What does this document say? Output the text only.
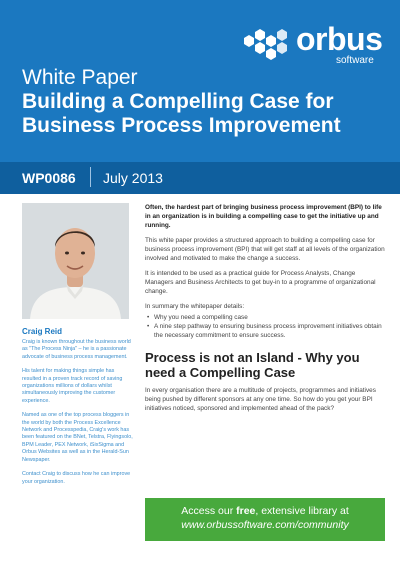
orbus
software
White Paper
Building a Compelling Case for Business Process Improvement
WP0086 July 2013
Craig Reid

Craig is known throughout the business world as "The Process Ninja" – he is a passionate advocate of business process management.

His talent for making things simple has resulted in a proven track record of saving organizations millions of dollars whilst simultaneously improving the customer experience.

Named as one of the top process bloggers in the world by both the Process Excellence Network and Processpedia, Craig's work has been featured on the BNet, Telstra, Flyingsolo, BPM Leader, PEX Network, iSixSigma and Orbus Websites as well as in the Herald-Sun Newspaper.

Contact Craig to discuss how he can improve your organization.

Often, the hardest part of bringing business process improvement (BPI) to life in an organization is in building a compelling case to get the initiative up and running.

This white paper provides a structured approach to building a compelling case for business process improvement (BPI) that will get staff at all levels of the organization involved and motivated to make the change a success.

It is intended to be used as a practical guide for Process Analysts, Change Managers and Business Architects to get buy-in to a programme of organizational change.

In summary the whitepaper details:

• Why you need a compelling case
• A nine step pathway to ensuring business process improvement initiatives obtain the necessary commitment to ensure success.
Process is not an Island - Why you need a Compelling Case

In every organisation there are a multitude of projects, programmes and initiatives being pushed by different sponsors at any one time. So how do you get your BPI initiatives noticed, sponsored and implemented ahead of the pack?

Access our free, extensive library at
www.orbussoftware.com/community
